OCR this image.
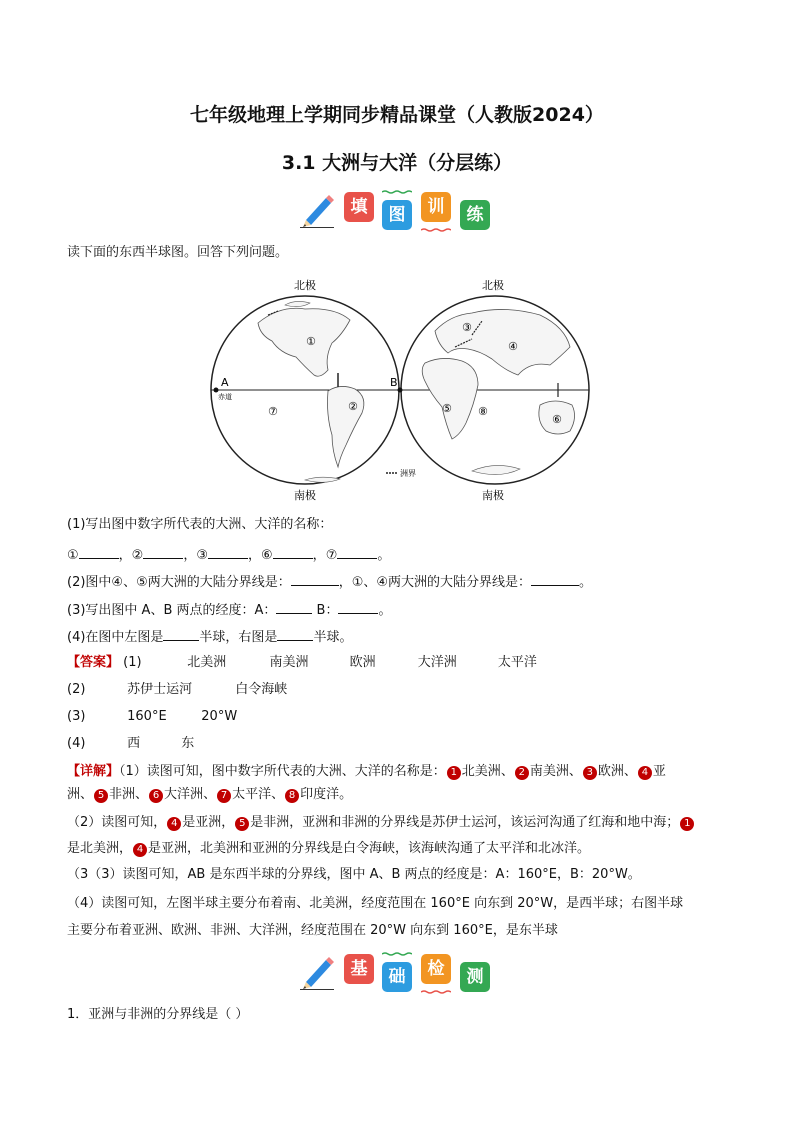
七年级地理上学期同步精品课堂（人教版2024）
3.1 大洲与大洋（分层练）
填	图	训	练
读下面的东西半球图。回答下列问题。
北极	北极
南极	南极
A	B
赤道
洲界
①
②
③
④
⑤
⑥
⑦	⑧
(1)写出图中数字所代表的大洲、大洋的名称：
①	，②	，③	，⑥	，⑦	。
(2)图中④、⑤两大洲的大陆分界线是：	，①、④两大洲的大陆分界线是：	。
(3)写出图中 A、B 两点的经度：A：	B：	。
(4)在图中左图是	半球，右图是	半球。
【答案】 (1)	北美洲	南美洲	欧洲	大洋洲	太平洋
(2)	苏伊士运河	白令海峡
(3)	160°E	20°W
(4)	西	东
【详解】（1）读图可知，图中数字所代表的大洲、大洋的名称是： 1 北美洲、 2 南美洲、 3 欧洲、 4 亚
洲、 5 非洲、 6 大洋洲、 7 太平洋、 8 印度洋。
（2）读图可知， 4 是亚洲， 5 是非洲，亚洲和非洲的分界线是苏伊士运河，该运河沟通了红海和地中海； 1
是北美洲， 4 是亚洲，北美洲和亚洲的分界线是白令海峡，该海峡沟通了太平洋和北冰洋。
（3（3）读图可知，AB 是东西半球的分界线，图中 A、B 两点的经度是：A：160°E，B：20°W。
（4）读图可知，左图半球主要分布着南、北美洲，经度范围在 160°E 向东到 20°W，是西半球；右图半球
主要分布着亚洲、欧洲、非洲、大洋洲，经度范围在 20°W 向东到 160°E，是东半球
基	础	检	测
1．亚洲与非洲的分界线是（ ）
